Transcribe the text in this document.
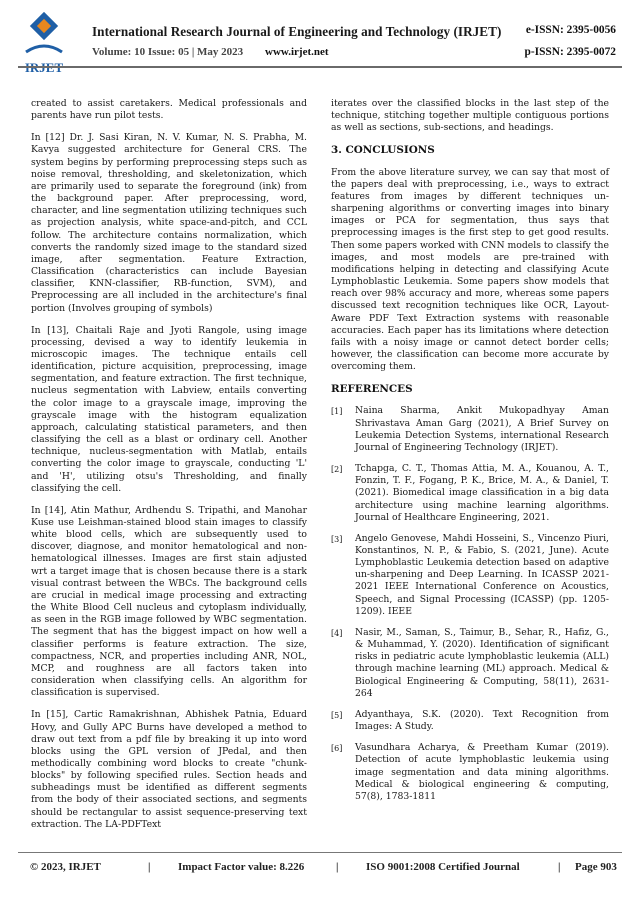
International Research Journal of Engineering and Technology (IRJET)
Volume: 10 Issue: 05 | May 2023 www.irjet.net
e-ISSN: 2395-0056
p-ISSN: 2395-0072

created to assist caretakers. Medical professionals and parents have run pilot tests.

In [12] Dr. J. Sasi Kiran, N. V. Kumar, N. S. Prabha, M. Kavya suggested architecture for General CRS. The system begins by performing preprocessing steps such as noise removal, thresholding, and skeletonization, which are primarily used to separate the foreground (ink) from the background paper. After preprocessing, word, character, and line segmentation utilizing techniques such as projection analysis, white space-and-pitch, and CCL follow. The architecture contains normalization, which converts the randomly sized image to the standard sized image, after segmentation. Feature Extraction, Classification (characteristics can include Bayesian classifier, KNN-classifier, RB-function, SVM), and Preprocessing are all included in the architecture's final portion (Involves grouping of symbols)

In [13], Chaitali Raje and Jyoti Rangole, using image processing, devised a way to identify leukemia in microscopic images. The technique entails cell identification, picture acquisition, preprocessing, image segmentation, and feature extraction. The first technique, nucleus segmentation with Labview, entails converting the color image to a grayscale image, improving the grayscale image with the histogram equalization approach, calculating statistical parameters, and then classifying the cell as a blast or ordinary cell. Another technique, nucleus-segmentation with Matlab, entails converting the color image to grayscale, conducting 'L' and 'H', utilizing otsu's Thresholding, and finally classifying the cell.

In [14], Atin Mathur, Ardhendu S. Tripathi, and Manohar Kuse use Leishman-stained blood stain images to classify white blood cells, which are subsequently used to discover, diagnose, and monitor hematological and non-hematological illnesses. Images are first stain adjusted wrt a target image that is chosen because there is a stark visual contrast between the WBCs. The background cells are crucial in medical image processing and extracting the White Blood Cell nucleus and cytoplasm individually, as seen in the RGB image followed by WBC segmentation. The segment that has the biggest impact on how well a classifier performs is feature extraction. The size, compactness, NCR, and properties including ANR, NOL, MCP, and roughness are all factors taken into consideration when classifying cells. An algorithm for classification is supervised.

In [15], Cartic Ramakrishnan, Abhishek Patnia, Eduard Hovy, and Gully APC Burns have developed a method to draw out text from a pdf file by breaking it up into word blocks using the GPL version of JPedal, and then methodically combining word blocks to create "chunk-blocks" by following specified rules. Section heads and subheadings must be identified as different segments from the body of their associated sections, and segments should be rectangular to assist sequence-preserving text extraction. The LA-PDFText

iterates over the classified blocks in the last step of the technique, stitching together multiple contiguous portions as well as sections, sub-sections, and headings.

3. CONCLUSIONS

From the above literature survey, we can say that most of the papers deal with preprocessing, i.e., ways to extract features from images by different techniques un-sharpening algorithms or converting images into binary images or PCA for segmentation, thus says that preprocessing images is the first step to get good results. Then some papers worked with CNN models to classify the images, and most models are pre-trained with modifications helping in detecting and classifying Acute Lymphoblastic Leukemia. Some papers show models that reach over 98% accuracy and more, whereas some papers discussed text recognition techniques like OCR, Layout-Aware PDF Text Extraction systems with reasonable accuracies. Each paper has its limitations where detection fails with a noisy image or cannot detect border cells; however, the classification can become more accurate by overcoming them.

REFERENCES
[1]	Naina Sharma, Ankit Mukopadhyay Aman Shrivastava Aman Garg (2021), A Brief Survey on Leukemia Detection Systems, international Research Journal of Engineering Technology (IRJET).
[2]	Tchapga, C. T., Thomas Attia, M. A., Kouanou, A. T., Fonzin, T. F., Fogang, P. K., Brice, M. A., & Daniel, T. (2021). Biomedical image classification in a big data architecture using machine learning algorithms. Journal of Healthcare Engineering, 2021.
[3]	Angelo Genovese, Mahdi Hosseini, S., Vincenzo Piuri, Konstantinos, N. P., & Fabio, S. (2021, June). Acute Lymphoblastic Leukemia detection based on adaptive un-sharpening and Deep Learning. In ICASSP 2021-2021 IEEE International Conference on Acoustics, Speech, and Signal Processing (ICASSP) (pp. 1205-1209). IEEE
[4]	Nasir, M., Saman, S., Taimur, B., Sehar, R., Hafiz, G., & Muhammad, Y. (2020). Identification of significant risks in pediatric acute lymphoblastic leukemia (ALL) through machine learning (ML) approach. Medical & Biological Engineering & Computing, 58(11), 2631-264
[5]	Adyanthaya, S.K. (2020). Text Recognition from Images: A Study.
[6]	Vasundhara Acharya, & Preetham Kumar (2019). Detection of acute lymphoblastic leukemia using image segmentation and data mining algorithms. Medical & biological engineering & computing, 57(8), 1783-1811
© 2023, IRJET	|	Impact Factor value: 8.226	|	ISO 9001:2008 Certified Journal	| Page 903
